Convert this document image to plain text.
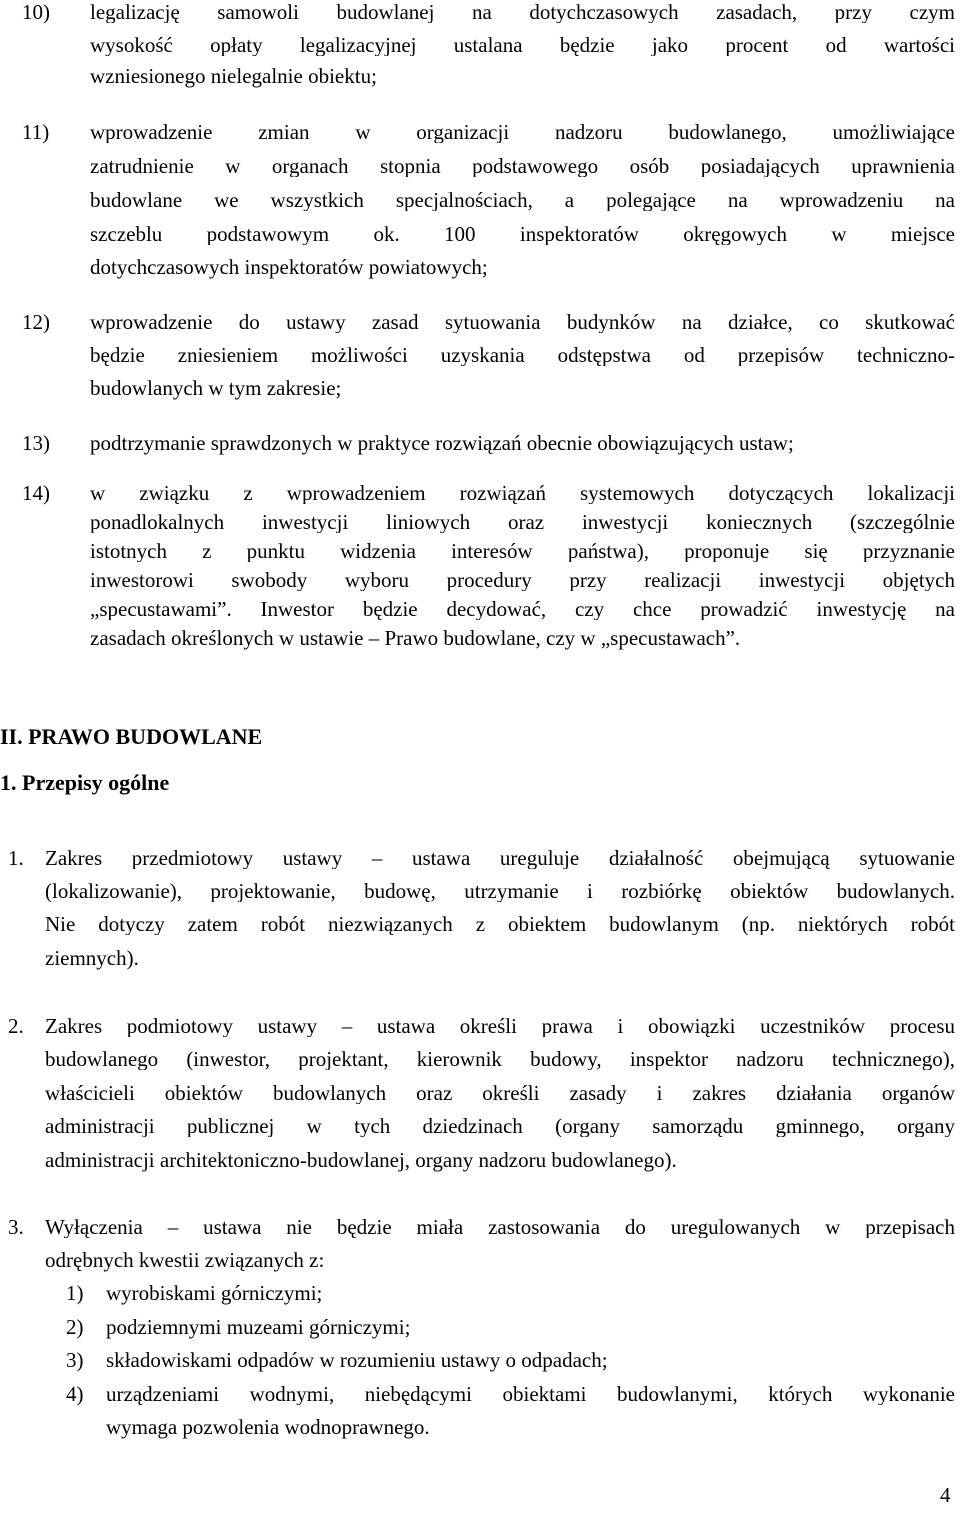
10) legalizację samowoli budowlanej na dotychczasowych zasadach, przy czym
wysokość opłaty legalizacyjnej ustalana będzie jako procent od wartości
wzniesionego nielegalnie obiektu;
11) wprowadzenie zmian w organizacji nadzoru budowlanego, umożliwiające
zatrudnienie w organach stopnia podstawowego osób posiadających uprawnienia
budowlane we wszystkich specjalnościach, a polegające na wprowadzeniu na
szczeblu podstawowym ok. 100 inspektoratów okręgowych w miejsce
dotychczasowych inspektoratów powiatowych;
12) wprowadzenie do ustawy zasad sytuowania budynków na działce, co skutkować
będzie zniesieniem możliwości uzyskania odstępstwa od przepisów techniczno-
budowlanych w tym zakresie;
13) podtrzymanie sprawdzonych w praktyce rozwiązań obecnie obowiązujących ustaw;
14) w związku z wprowadzeniem rozwiązań systemowych dotyczących lokalizacji
ponadlokalnych inwestycji liniowych oraz inwestycji koniecznych (szczególnie
istotnych z punktu widzenia interesów państwa), proponuje się przyznanie
inwestorowi swobody wyboru procedury przy realizacji inwestycji objętych
„specustawami”. Inwestor będzie decydować, czy chce prowadzić inwestycję na
zasadach określonych w ustawie – Prawo budowlane, czy w „specustawach”.
II. PRAWO BUDOWLANE
1. Przepisy ogólne
1. Zakres przedmiotowy ustawy – ustawa ureguluje działalność obejmującą sytuowanie
(lokalizowanie), projektowanie, budowę, utrzymanie i rozbiórkę obiektów budowlanych.
Nie dotyczy zatem robót niezwiązanych z obiektem budowlanym (np. niektórych robót
ziemnych).
2. Zakres podmiotowy ustawy – ustawa określi prawa i obowiązki uczestników procesu
budowlanego (inwestor, projektant, kierownik budowy, inspektor nadzoru technicznego),
właścicieli obiektów budowlanych oraz określi zasady i zakres działania organów
administracji publicznej w tych dziedzinach (organy samorządu gminnego, organy
administracji architektoniczno-budowlanej, organy nadzoru budowlanego).
3. Wyłączenia – ustawa nie będzie miała zastosowania do uregulowanych w przepisach
odrębnych kwestii związanych z:
1) wyrobiskami górniczymi;
2) podziemnymi muzeami górniczymi;
3) składowiskami odpadów w rozumieniu ustawy o odpadach;
4) urządzeniami wodnymi, niebędącymi obiektami budowlanymi, których wykonanie
wymaga pozwolenia wodnoprawnego.
4
